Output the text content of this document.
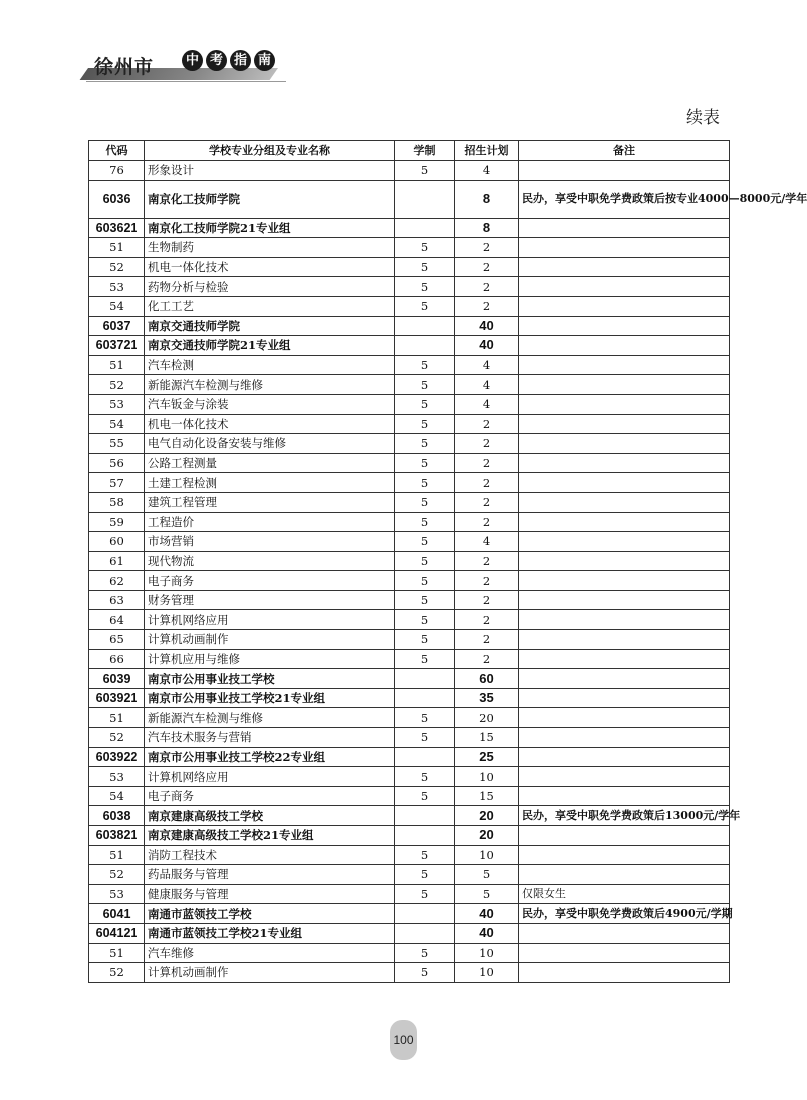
徐州市	中 考 指 南
续表
代码	学校专业分组及专业名称	学制	招生计划	备注
76	形象设计	5	4	
6036	南京化工技师学院		8	民办，享受中职免学费政策后按专业4000—8000元/学年
603621	南京化工技师学院21专业组		8	
51	生物制药	5	2	
52	机电一体化技术	5	2	
53	药物分析与检验	5	2	
54	化工工艺	5	2	
6037	南京交通技师学院		40	
603721	南京交通技师学院21专业组		40	
51	汽车检测	5	4	
52	新能源汽车检测与维修	5	4	
53	汽车钣金与涂装	5	4	
54	机电一体化技术	5	2	
55	电气自动化设备安装与维修	5	2	
56	公路工程测量	5	2	
57	土建工程检测	5	2	
58	建筑工程管理	5	2	
59	工程造价	5	2	
60	市场营销	5	4	
61	现代物流	5	2	
62	电子商务	5	2	
63	财务管理	5	2	
64	计算机网络应用	5	2	
65	计算机动画制作	5	2	
66	计算机应用与维修	5	2	
6039	南京市公用事业技工学校		60	
603921	南京市公用事业技工学校21专业组		35	
51	新能源汽车检测与维修	5	20	
52	汽车技术服务与营销	5	15	
603922	南京市公用事业技工学校22专业组		25	
53	计算机网络应用	5	10	
54	电子商务	5	15	
6038	南京建康高级技工学校		20	民办，享受中职免学费政策后13000元/学年
603821	南京建康高级技工学校21专业组		20	
51	消防工程技术	5	10	
52	药品服务与管理	5	5	
53	健康服务与管理	5	5	仅限女生
6041	南通市蓝领技工学校		40	民办，享受中职免学费政策后4900元/学期
604121	南通市蓝领技工学校21专业组		40	
51	汽车维修	5	10	
52	计算机动画制作	5	10	
100
